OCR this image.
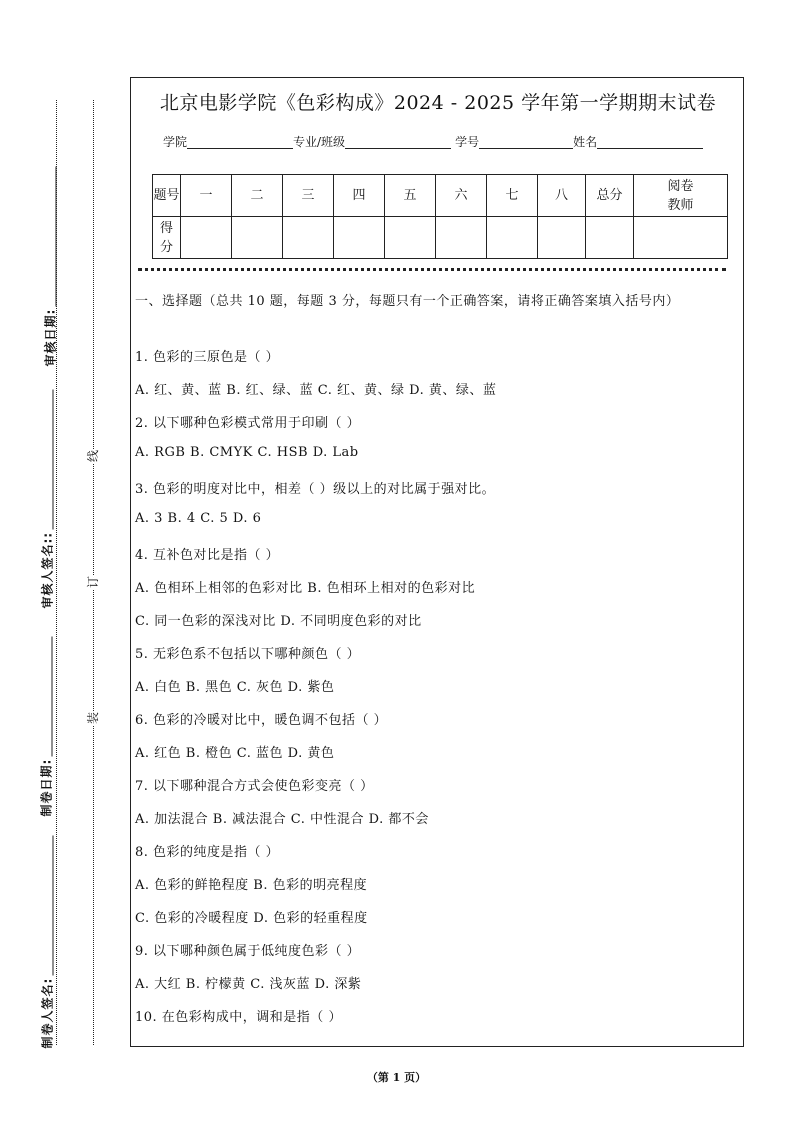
审核日期:
审核人签名::
制卷日期:
制卷人签名:
线
订
装
北京电影学院《色彩构成》2024 - 2025 学年第一学期期末试卷
学院	专业/班级	学号	姓名
题号	一	二	三	四	五	六	七	八	总分	阅卷教师
得分										

一、选择题（总共 10 题，每题 3 分，每题只有一个正确答案，请将正确答案填入括号内）

1. 色彩的三原色是（ ）
A. 红、黄、蓝 B. 红、绿、蓝 C. 红、黄、绿 D. 黄、绿、蓝
2. 以下哪种色彩模式常用于印刷（ ）
A. RGB B. CMYK C. HSB D. Lab
3. 色彩的明度对比中，相差（ ）级以上的对比属于强对比。
A. 3 B. 4 C. 5 D. 6
4. 互补色对比是指（ ）
A. 色相环上相邻的色彩对比 B. 色相环上相对的色彩对比
C. 同一色彩的深浅对比 D. 不同明度色彩的对比
5. 无彩色系不包括以下哪种颜色（ ）
A. 白色 B. 黑色 C. 灰色 D. 紫色
6. 色彩的冷暖对比中，暖色调不包括（ ）
A. 红色 B. 橙色 C. 蓝色 D. 黄色
7. 以下哪种混合方式会使色彩变亮（ ）
A. 加法混合 B. 减法混合 C. 中性混合 D. 都不会
8. 色彩的纯度是指（ ）
A. 色彩的鲜艳程度 B. 色彩的明亮程度
C. 色彩的冷暖程度 D. 色彩的轻重程度
9. 以下哪种颜色属于低纯度色彩（ ）
A. 大红 B. 柠檬黄 C. 浅灰蓝 D. 深紫
10. 在色彩构成中，调和是指（ ）
（第 1 页）
